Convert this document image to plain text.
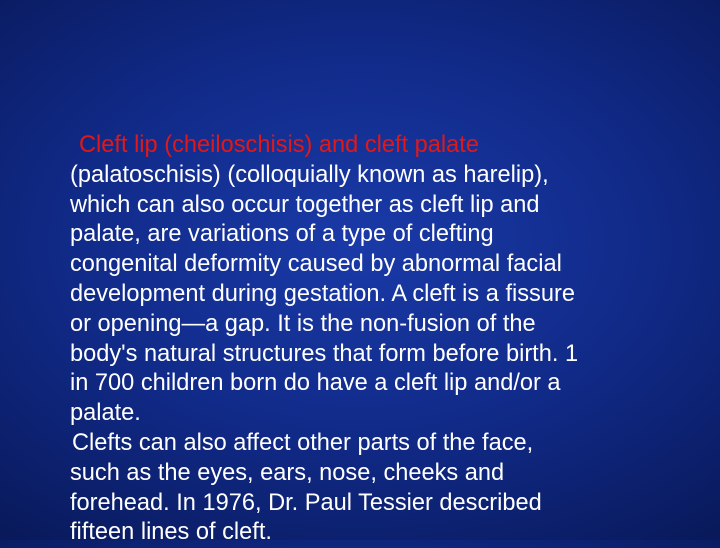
Cleft lip (cheiloschisis) and cleft palate
(palatoschisis) (colloquially known as harelip),
which can also occur together as cleft lip and
palate, are variations of a type of clefting
congenital deformity caused by abnormal facial
development during gestation. A cleft is a fissure
or opening—a gap. It is the non-fusion of the
body's natural structures that form before birth. 1
in 700 children born do have a cleft lip and/or a
palate.
Clefts can also affect other parts of the face,
such as the eyes, ears, nose, cheeks and
forehead. In 1976, Dr. Paul Tessier described
fifteen lines of cleft.
